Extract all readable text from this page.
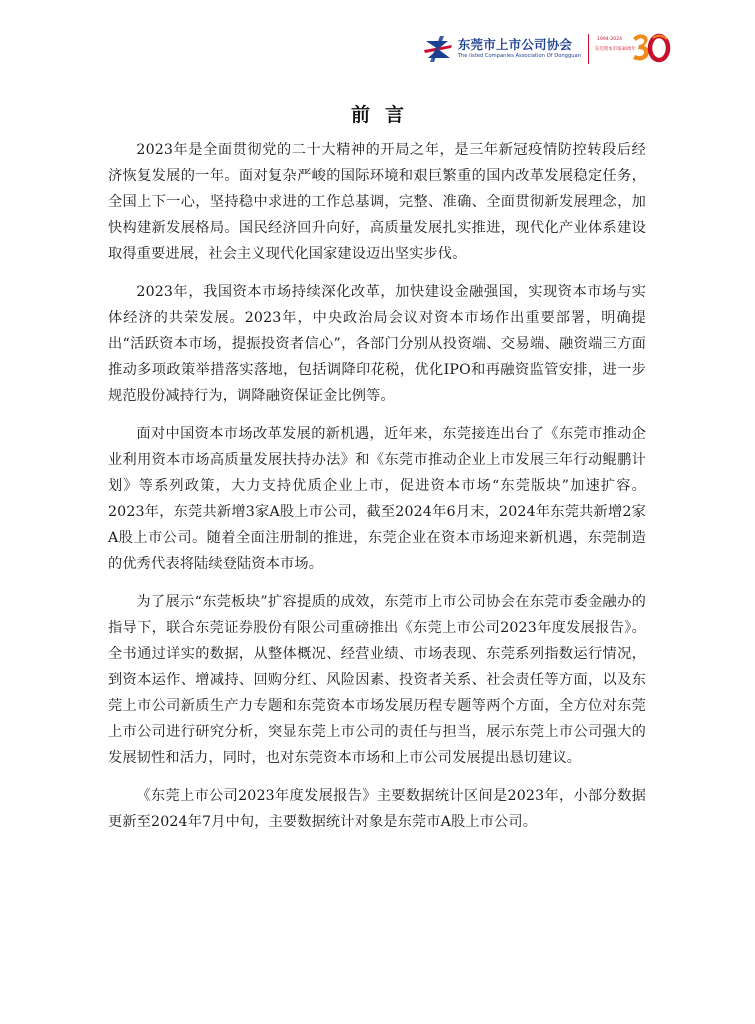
东莞市上市公司协会
The listed Companies Association Of Dongguan
1994-2024
东莞资本市场30周年
前言

2023年是全面贯彻党的二十大精神的开局之年，是三年新冠疫情防控转段后经济恢复发展的一年。面对复杂严峻的国际环境和艰巨繁重的国内改革发展稳定任务，全国上下一心，坚持稳中求进的工作总基调，完整、准确、全面贯彻新发展理念，加快构建新发展格局。国民经济回升向好，高质量发展扎实推进，现代化产业体系建设取得重要进展，社会主义现代化国家建设迈出坚实步伐。

2023年，我国资本市场持续深化改革，加快建设金融强国，实现资本市场与实体经济的共荣发展。2023年，中央政治局会议对资本市场作出重要部署，明确提出“活跃资本市场，提振投资者信心”，各部门分别从投资端、交易端、融资端三方面推动多项政策举措落实落地，包括调降印花税，优化IPO和再融资监管安排，进一步规范股份减持行为，调降融资保证金比例等。

面对中国资本市场改革发展的新机遇，近年来，东莞接连出台了《东莞市推动企业利用资本市场高质量发展扶持办法》和《东莞市推动企业上市发展三年行动鲲鹏计划》等系列政策，大力支持优质企业上市，促进资本市场“东莞版块”加速扩容。2023年，东莞共新增3家A股上市公司，截至2024年6月末，2024年东莞共新增2家A股上市公司。随着全面注册制的推进，东莞企业在资本市场迎来新机遇，东莞制造的优秀代表将陆续登陆资本市场。

为了展示“东莞板块”扩容提质的成效，东莞市上市公司协会在东莞市委金融办的指导下，联合东莞证券股份有限公司重磅推出《东莞上市公司2023年度发展报告》。全书通过详实的数据，从整体概况、经营业绩、市场表现、东莞系列指数运行情况，到资本运作、增减持、回购分红、风险因素、投资者关系、社会责任等方面，以及东莞上市公司新质生产力专题和东莞资本市场发展历程专题等两个方面，全方位对东莞上市公司进行研究分析，突显东莞上市公司的责任与担当，展示东莞上市公司强大的发展韧性和活力，同时，也对东莞资本市场和上市公司发展提出恳切建议。

《东莞上市公司2023年度发展报告》主要数据统计区间是2023年，小部分数据更新至2024年7月中旬，主要数据统计对象是东莞市A股上市公司。
